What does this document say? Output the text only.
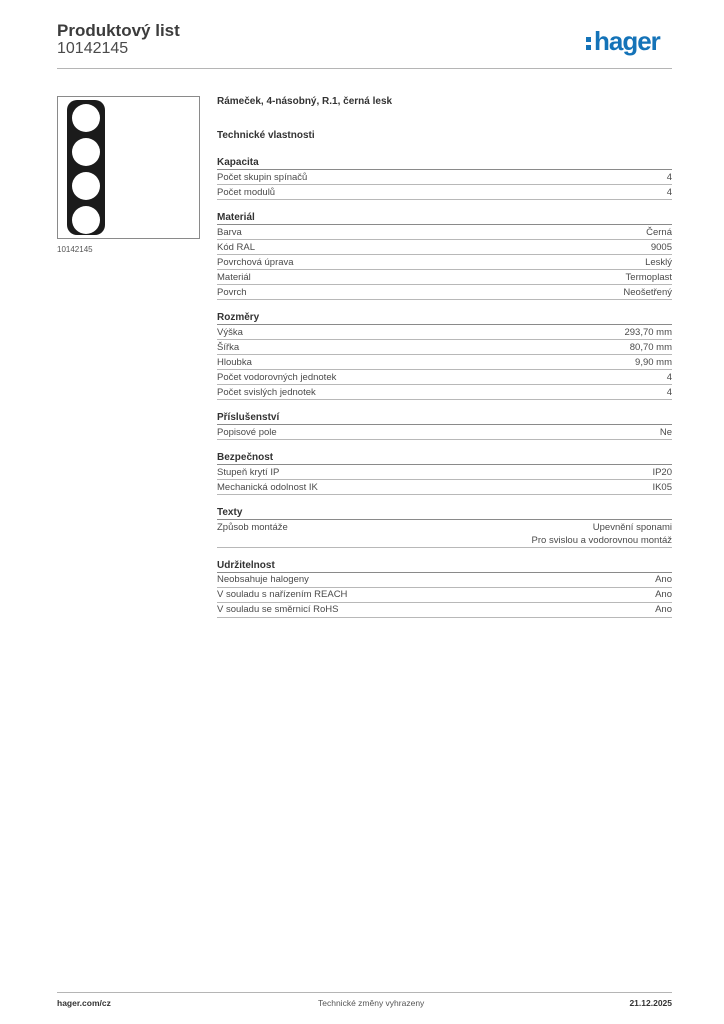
Produktový list
10142145	hager
10142145
Rámeček, 4-násobný, R.1, černá lesk
Technické vlastnosti
Kapacita
Počet skupin spínačů	4
Počet modulů	4
Materiál
Barva	Černá
Kód RAL	9005
Povrchová úprava	Lesklý
Materiál	Termoplast
Povrch	Neošetřený
Rozměry
Výška	293,70 mm
Šířka	80,70 mm
Hloubka	9,90 mm
Počet vodorovných jednotek	4
Počet svislých jednotek	4
Příslušenství
Popisové pole	Ne
Bezpečnost
Stupeň krytí IP	IP20
Mechanická odolnost IK	IK05
Texty
Způsob montáže	Upevnění sponami
Pro svislou a vodorovnou montáž
Udržitelnost
Neobsahuje halogeny	Ano
V souladu s nařízením REACH	Ano
V souladu se směrnicí RoHS	Ano
hager.com/cz	Technické změny vyhrazeny	21.12.2025
